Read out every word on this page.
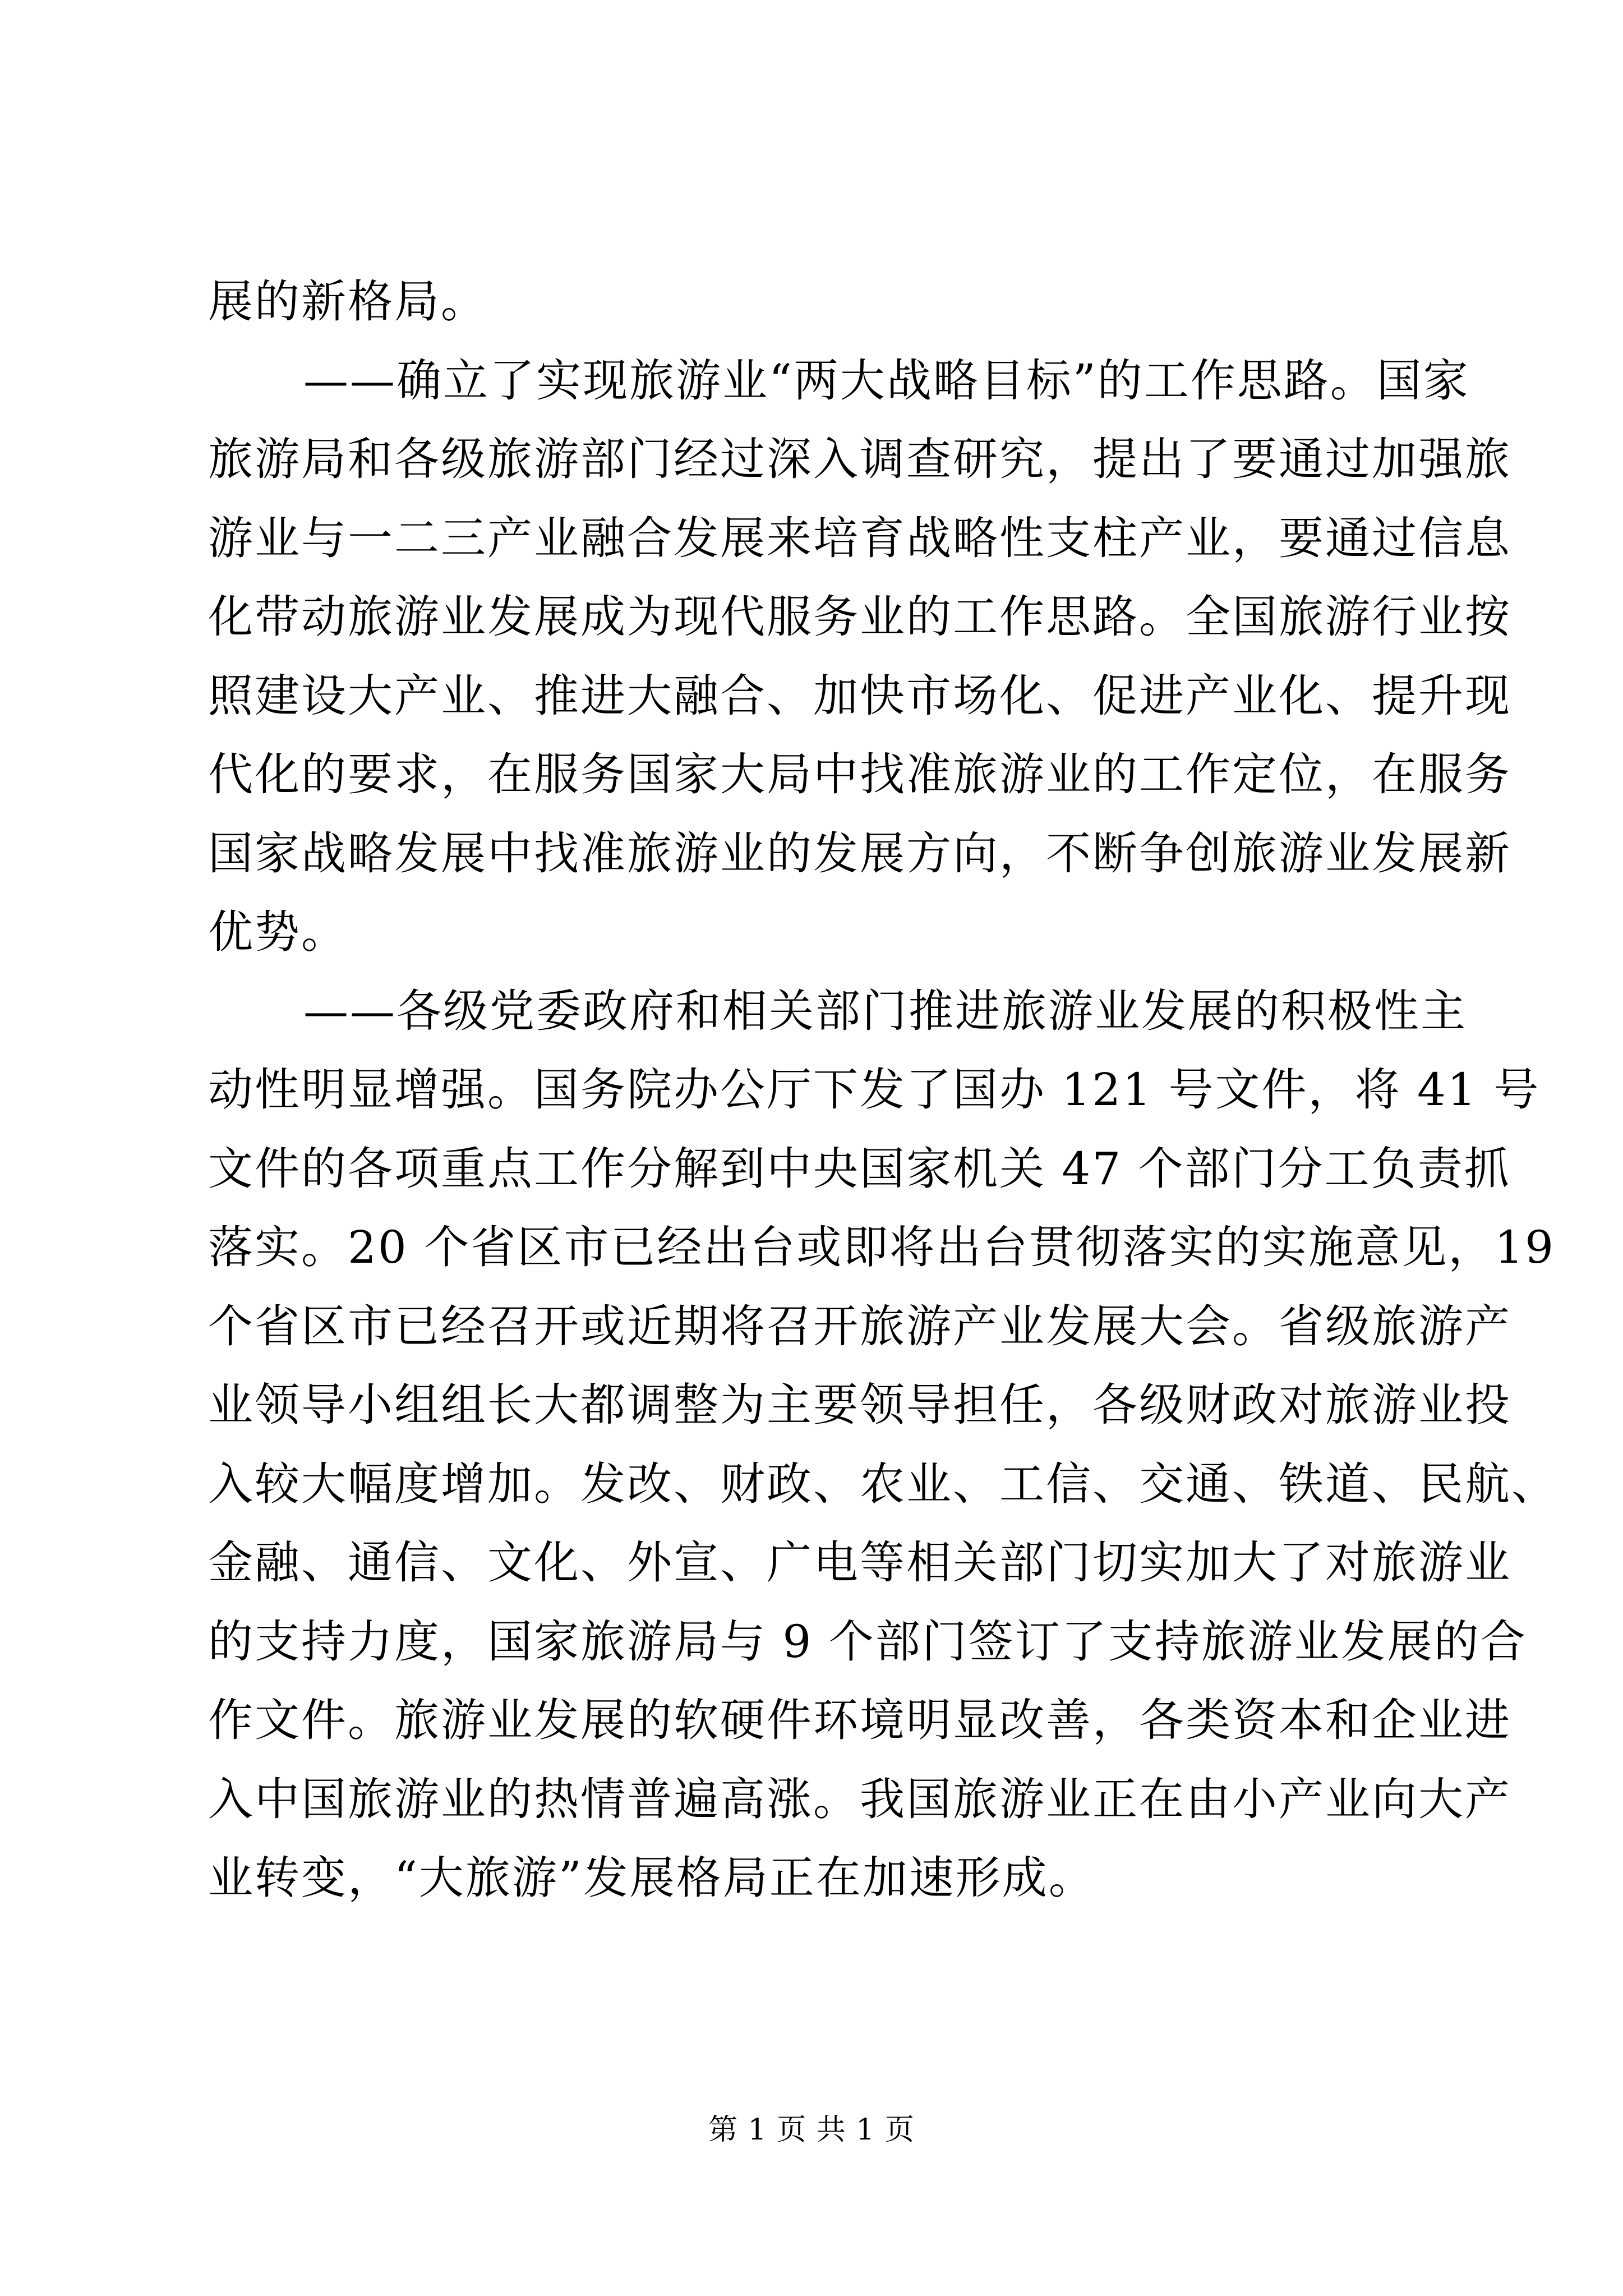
展的新格局。
——确立了实现旅游业“两大战略目标”的工作思路。国家
旅游局和各级旅游部门经过深入调查研究，提出了要通过加强旅
游业与一二三产业融合发展来培育战略性支柱产业，要通过信息
化带动旅游业发展成为现代服务业的工作思路。全国旅游行业按
照建设大产业、推进大融合、加快市场化、促进产业化、提升现
代化的要求，在服务国家大局中找准旅游业的工作定位，在服务
国家战略发展中找准旅游业的发展方向，不断争创旅游业发展新
优势。
——各级党委政府和相关部门推进旅游业发展的积极性主
动性明显增强。国务院办公厅下发了国办 121 号文件，将 41 号
文件的各项重点工作分解到中央国家机关 47 个部门分工负责抓
落实。20 个省区市已经出台或即将出台贯彻落实的实施意见，19
个省区市已经召开或近期将召开旅游产业发展大会。省级旅游产
业领导小组组长大都调整为主要领导担任，各级财政对旅游业投
入较大幅度增加。发改、财政、农业、工信、交通、铁道、民航、
金融、通信、文化、外宣、广电等相关部门切实加大了对旅游业
的支持力度，国家旅游局与 9 个部门签订了支持旅游业发展的合
作文件。旅游业发展的软硬件环境明显改善，各类资本和企业进
入中国旅游业的热情普遍高涨。我国旅游业正在由小产业向大产
业转变，“大旅游”发展格局正在加速形成。
第 1 页 共 1 页
